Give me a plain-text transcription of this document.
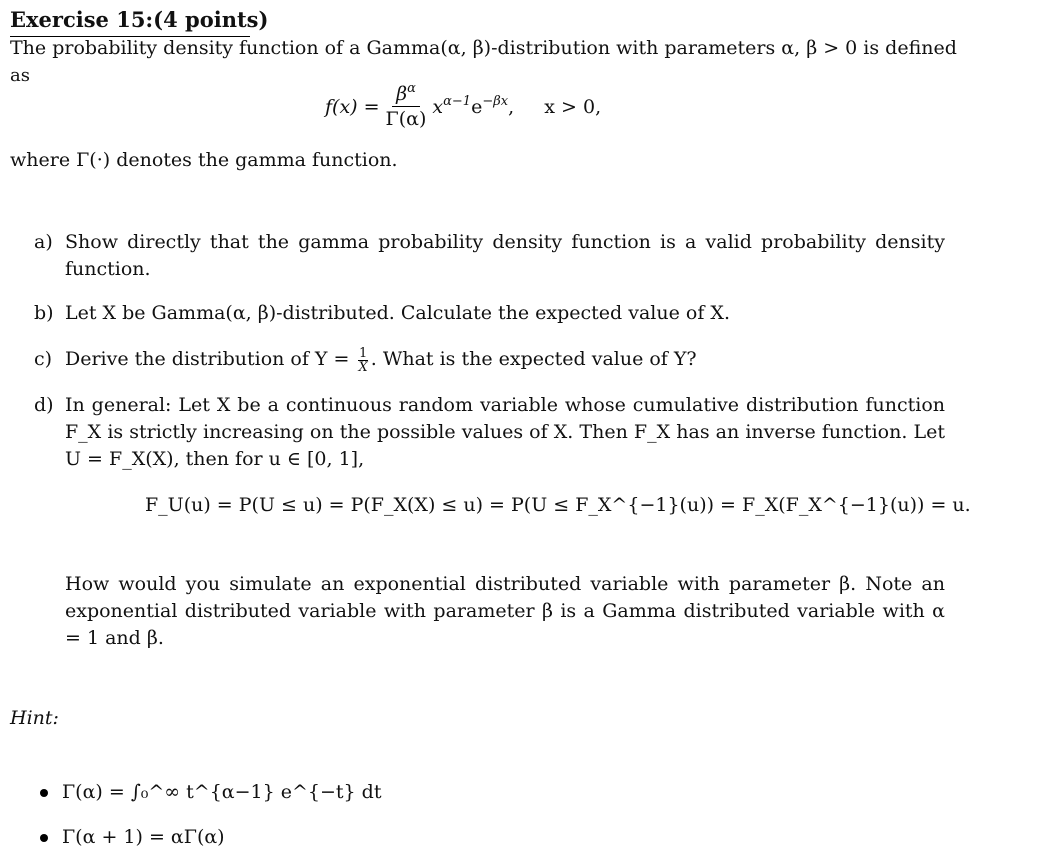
Exercise 15:(4 points)
The probability density function of a Gamma(α, β)-distribution with parameters α, β > 0 is defined
as
$f(x) = \frac{\beta^\alpha}{\Gamma(\alpha)} x^{\alpha-1}$ $e^{-\beta x}$ ,     x > 0,
where Γ(·) denotes the gamma function.
a) Show directly that the gamma probability density function is a valid probability density function.
b) Let X be Gamma(α, β)-distributed. Calculate the expected value of X.
c) Derive the distribution of $Y = \frac{1}{X}$ . What is the expected value of Y?
d) In general: Let X be a continuous random variable whose cumulative distribution function F_X is strictly increasing on the possible values of X. Then F_X has an inverse function. Let U = F_X(X), then for u ∈ [0, 1],
F_U(u) = P(U ≤ u) = P(F_X(X) ≤ u) = P(U ≤ F_X^{−1}(u)) = F_X(F_X^{−1}(u)) = u.
How would you simulate an exponential distributed variable with parameter β. Note an exponential distributed variable with parameter β is a Gamma distributed variable with α = 1 and β.
Hint:
Γ(α) = ∫₀^∞ t^{α−1} e^{−t} dt
Γ(α + 1) = αΓ(α)
